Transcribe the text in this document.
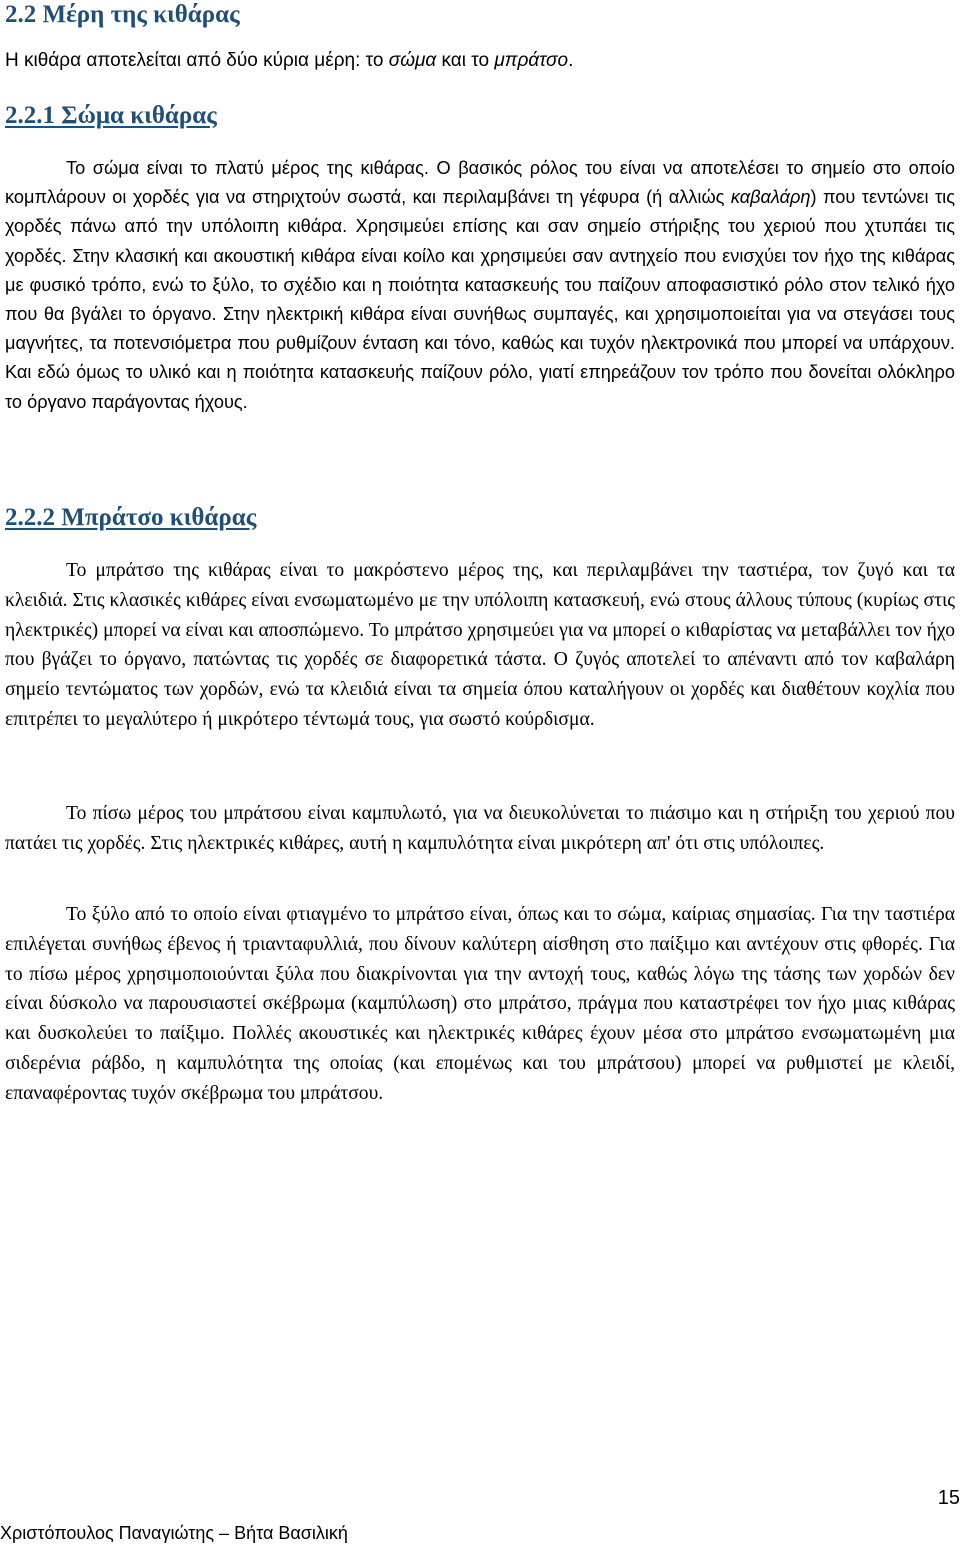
2.2 Μέρη της κιθάρας

Η κιθάρα αποτελείται από δύο κύρια μέρη: το σώμα και το μπράτσο.

2.2.1 Σώμα κιθάρας

Το σώμα είναι το πλατύ μέρος της κιθάρας. Ο βασικός ρόλος του είναι να αποτελέσει το σημείο στο οποίο κομπλάρουν οι χορδές για να στηριχτούν σωστά, και περιλαμβάνει τη γέφυρα (ή αλλιώς καβαλάρη) που τεντώνει τις χορδές πάνω από την υπόλοιπη κιθάρα. Χρησιμεύει επίσης και σαν σημείο στήριξης του χεριού που χτυπάει τις χορδές. Στην κλασική και ακουστική κιθάρα είναι κοίλο και χρησιμεύει σαν αντηχείο που ενισχύει τον ήχο της κιθάρας με φυσικό τρόπο, ενώ το ξύλο, το σχέδιο και η ποιότητα κατασκευής του παίζουν αποφασιστικό ρόλο στον τελικό ήχο που θα βγάλει το όργανο. Στην ηλεκτρική κιθάρα είναι συνήθως συμπαγές, και χρησιμοποιείται για να στεγάσει τους μαγνήτες, τα ποτενσιόμετρα που ρυθμίζουν ένταση και τόνο, καθώς και τυχόν ηλεκτρονικά που μπορεί να υπάρχουν. Και εδώ όμως το υλικό και η ποιότητα κατασκευής παίζουν ρόλο, γιατί επηρεάζουν τον τρόπο που δονείται ολόκληρο το όργανο παράγοντας ήχους.

2.2.2 Μπράτσο κιθάρας

Το μπράτσο της κιθάρας είναι το μακρόστενο μέρος της, και περιλαμβάνει την ταστιέρα, τον ζυγό και τα κλειδιά. Στις κλασικές κιθάρες είναι ενσωματωμένο με την υπόλοιπη κατασκευή, ενώ στους άλλους τύπους (κυρίως στις ηλεκτρικές) μπορεί να είναι και αποσπώμενο. Το μπράτσο χρησιμεύει για να μπορεί ο κιθαρίστας να μεταβάλλει τον ήχο που βγάζει το όργανο, πατώντας τις χορδές σε διαφορετικά τάστα. Ο ζυγός αποτελεί το απέναντι από τον καβαλάρη σημείο τεντώματος των χορδών, ενώ τα κλειδιά είναι τα σημεία όπου καταλήγουν οι χορδές και διαθέτουν κοχλία που επιτρέπει το μεγαλύτερο ή μικρότερο τέντωμά τους, για σωστό κούρδισμα.

Το πίσω μέρος του μπράτσου είναι καμπυλωτό, για να διευκολύνεται το πιάσιμο και η στήριξη του χεριού που πατάει τις χορδές. Στις ηλεκτρικές κιθάρες, αυτή η καμπυλότητα είναι μικρότερη απ' ότι στις υπόλοιπες.

Το ξύλο από το οποίο είναι φτιαγμένο το μπράτσο είναι, όπως και το σώμα, καίριας σημασίας. Για την ταστιέρα επιλέγεται συνήθως έβενος ή τριανταφυλλιά, που δίνουν καλύτερη αίσθηση στο παίξιμο και αντέχουν στις φθορές. Για το πίσω μέρος χρησιμοποιούνται ξύλα που διακρίνονται για την αντοχή τους, καθώς λόγω της τάσης των χορδών δεν είναι δύσκολο να παρουσιαστεί σκέβρωμα (καμπύλωση) στο μπράτσο, πράγμα που καταστρέφει τον ήχο μιας κιθάρας και δυσκολεύει το παίξιμο. Πολλές ακουστικές και ηλεκτρικές κιθάρες έχουν μέσα στο μπράτσο ενσωματωμένη μια σιδερένια ράβδο, η καμπυλότητα της οποίας (και επομένως και του μπράτσου) μπορεί να ρυθμιστεί με κλειδί, επαναφέροντας τυχόν σκέβρωμα του μπράτσου.

15
Χριστόπουλος Παναγιώτης – Βήτα Βασιλική
